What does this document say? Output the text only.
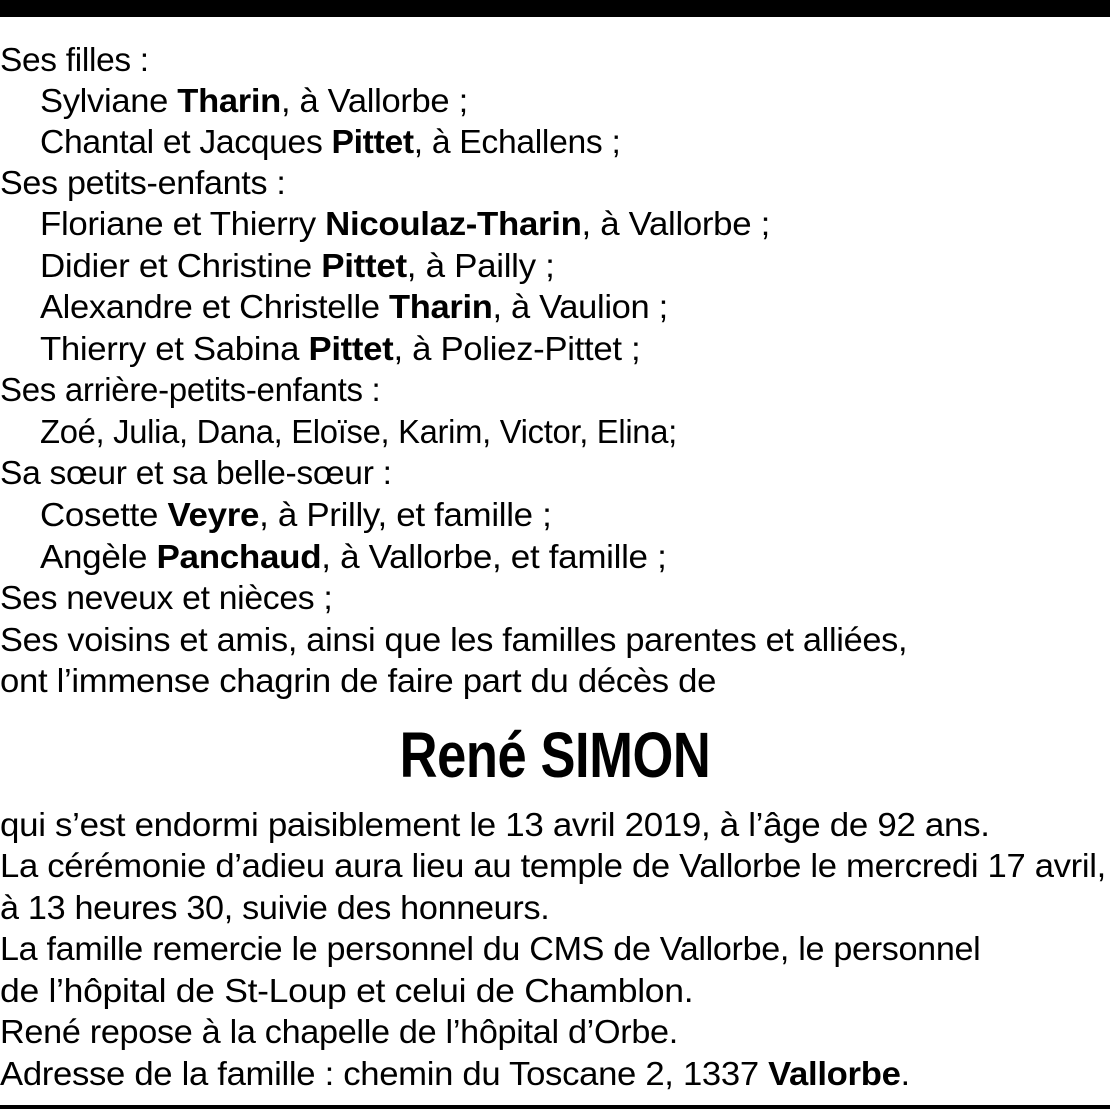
Ses filles :
Sylviane Tharin, à Vallorbe ;
Chantal et Jacques Pittet, à Echallens ;
Ses petits-enfants :
Floriane et Thierry Nicoulaz-Tharin, à Vallorbe ;
Didier et Christine Pittet, à Pailly ;
Alexandre et Christelle Tharin, à Vaulion ;
Thierry et Sabina Pittet, à Poliez-Pittet ;
Ses arrière-petits-enfants :
Zoé, Julia, Dana, Eloïse, Karim, Victor, Elina;
Sa sœur et sa belle-sœur :
Cosette Veyre, à Prilly, et famille ;
Angèle Panchaud, à Vallorbe, et famille ;
Ses neveux et nièces ;
Ses voisins et amis, ainsi que les familles parentes et alliées,
ont l’immense chagrin de faire part du décès de
René SIMON
qui s’est endormi paisiblement le 13 avril 2019, à l’âge de 92 ans.
La cérémonie d’adieu aura lieu au temple de Vallorbe le mercredi 17 avril,
à 13 heures 30, suivie des honneurs.
La famille remercie le personnel du CMS de Vallorbe, le personnel
de l’hôpital de St-Loup et celui de Chamblon.
René repose à la chapelle de l’hôpital d’Orbe.
Adresse de la famille : chemin du Toscane 2, 1337 Vallorbe.
